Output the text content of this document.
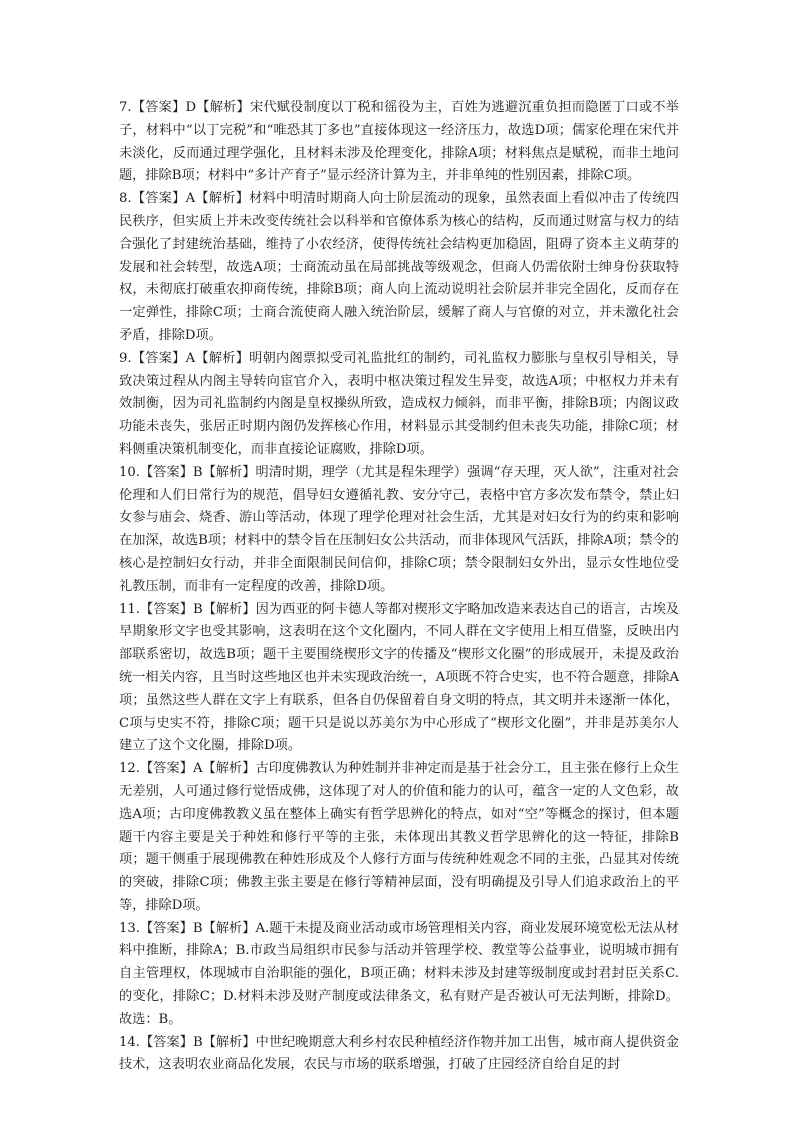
7.【答案】D【解析】宋代赋役制度以丁税和徭役为主，百姓为逃避沉重负担而隐匿丁口或不举子，材料中“以丁完税”和“唯恐其丁多也”直接体现这一经济压力，故选D项；儒家伦理在宋代并未淡化，反而通过理学强化，且材料未涉及伦理变化，排除A项；材料焦点是赋税，而非土地问题，排除B项；材料中“多计产育子”显示经济计算为主，并非单纯的性别因素，排除C项。

8.【答案】A【解析】材料中明清时期商人向士阶层流动的现象，虽然表面上看似冲击了传统四民秩序，但实质上并未改变传统社会以科举和官僚体系为核心的结构，反而通过财富与权力的结合强化了封建统治基础，维持了小农经济，使得传统社会结构更加稳固，阻碍了资本主义萌芽的发展和社会转型，故选A项；士商流动虽在局部挑战等级观念，但商人仍需依附士绅身份获取特权，未彻底打破重农抑商传统，排除B项；商人向上流动说明社会阶层并非完全固化，反而存在一定弹性，排除C项；士商合流使商人融入统治阶层，缓解了商人与官僚的对立，并未激化社会矛盾，排除D项。

9.【答案】A【解析】明朝内阁票拟受司礼监批红的制约，司礼监权力膨胀与皇权引导相关，导致决策过程从内阁主导转向宦官介入，表明中枢决策过程发生异变，故选A项；中枢权力并未有效制衡，因为司礼监制约内阁是皇权操纵所致，造成权力倾斜，而非平衡，排除B项；内阁议政功能未丧失，张居正时期内阁仍发挥核心作用，材料显示其受制约但未丧失功能，排除C项；材料侧重决策机制变化，而非直接论证腐败，排除D项。

10.【答案】B【解析】明清时期，理学（尤其是程朱理学）强调“存天理，灭人欲”，注重对社会伦理和人们日常行为的规范，倡导妇女遵循礼教、安分守己，表格中官方多次发布禁令，禁止妇女参与庙会、烧香、游山等活动，体现了理学伦理对社会生活，尤其是对妇女行为的约束和影响在加深，故选B项；材料中的禁令旨在压制妇女公共活动，而非体现风气活跃，排除A项；禁令的核心是控制妇女行动，并非全面限制民间信仰，排除C项；禁令限制妇女外出，显示女性地位受礼教压制，而非有一定程度的改善，排除D项。

11.【答案】B【解析】因为西亚的阿卡德人等都对楔形文字略加改造来表达自己的语言，古埃及早期象形文字也受其影响，这表明在这个文化圈内，不同人群在文字使用上相互借鉴，反映出内部联系密切，故选B项；题干主要围绕楔形文字的传播及“楔形文化圈”的形成展开，未提及政治统一相关内容，且当时这些地区也并未实现政治统一，A项既不符合史实，也不符合题意，排除A项；虽然这些人群在文字上有联系，但各自仍保留着自身文明的特点，其文明并未逐渐一体化，C项与史实不符，排除C项；题干只是说以苏美尔为中心形成了“楔形文化圈”，并非是苏美尔人建立了这个文化圈，排除D项。

12.【答案】A【解析】古印度佛教认为种姓制并非神定而是基于社会分工，且主张在修行上众生无差别，人可通过修行觉悟成佛，这体现了对人的价值和能力的认可，蕴含一定的人文色彩，故选A项；古印度佛教教义虽在整体上确实有哲学思辨化的特点，如对“空”等概念的探讨，但本题题干内容主要是关于种姓和修行平等的主张，未体现出其教义哲学思辨化的这一特征，排除B项；题干侧重于展现佛教在种姓形成及个人修行方面与传统种姓观念不同的主张，凸显其对传统的突破，排除C项；佛教主张主要是在修行等精神层面，没有明确提及引导人们追求政治上的平等，排除D项。

13.【答案】B【解析】A.题干未提及商业活动或市场管理相关内容，商业发展环境宽松无法从材料中推断，排除A；B.市政当局组织市民参与活动并管理学校、教堂等公益事业，说明城市拥有自主管理权，体现城市自治职能的强化，B项正确；材料未涉及封建等级制度或封君封臣关系C.的变化，排除C；D.材料未涉及财产制度或法律条文，私有财产是否被认可无法判断，排除D。故选：B。

14.【答案】B【解析】中世纪晚期意大利乡村农民种植经济作物并加工出售，城市商人提供资金技术，这表明农业商品化发展，农民与市场的联系增强，打破了庄园经济自给自足的封
